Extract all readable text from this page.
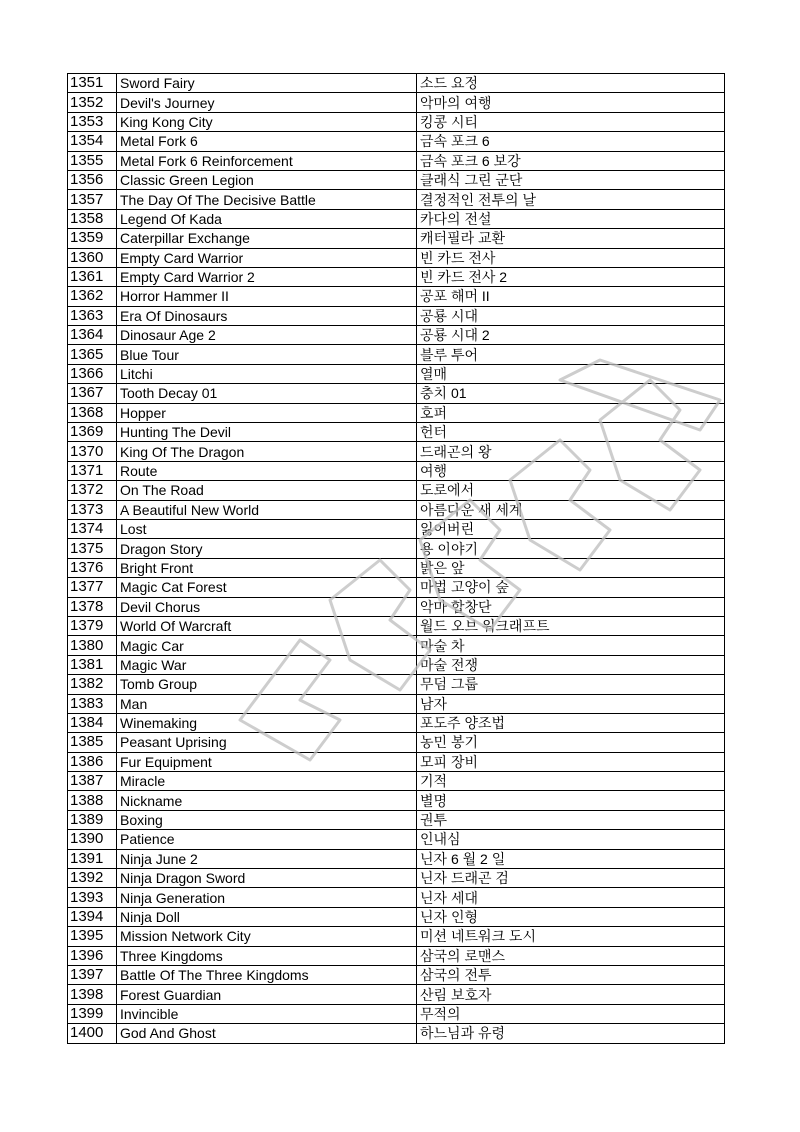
1351	Sword Fairy	소드 요정
1352	Devil's Journey	악마의 여행
1353	King Kong City	킹콩 시티
1354	Metal Fork 6	금속 포크 6
1355	Metal Fork 6 Reinforcement	금속 포크 6 보강
1356	Classic Green Legion	클래식 그린 군단
1357	The Day Of The Decisive Battle	결정적인 전투의 날
1358	Legend Of Kada	카다의 전설
1359	Caterpillar Exchange	캐터필라 교환
1360	Empty Card Warrior	빈 카드 전사
1361	Empty Card Warrior 2	빈 카드 전사 2
1362	Horror Hammer II	공포 해머 II
1363	Era Of Dinosaurs	공룡 시대
1364	Dinosaur Age 2	공룡 시대 2
1365	Blue Tour	블루 투어
1366	Litchi	열매
1367	Tooth Decay 01	충치 01
1368	Hopper	호퍼
1369	Hunting The Devil	헌터
1370	King Of The Dragon	드래곤의 왕
1371	Route	여행
1372	On The Road	도로에서
1373	A Beautiful New World	아름다운 새 세계
1374	Lost	잃어버린
1375	Dragon Story	용 이야기
1376	Bright Front	밝은 앞
1377	Magic Cat Forest	마법 고양이 숲
1378	Devil Chorus	악마 합창단
1379	World Of Warcraft	월드 오브 워크래프트
1380	Magic Car	마술 차
1381	Magic War	마술 전쟁
1382	Tomb Group	무덤 그룹
1383	Man	남자
1384	Winemaking	포도주 양조법
1385	Peasant Uprising	농민 봉기
1386	Fur Equipment	모피 장비
1387	Miracle	기적
1388	Nickname	별명
1389	Boxing	권투
1390	Patience	인내심
1391	Ninja June 2	닌자 6 월 2 일
1392	Ninja Dragon Sword	닌자 드래곤 검
1393	Ninja Generation	닌자 세대
1394	Ninja Doll	닌자 인형
1395	Mission Network City	미션 네트워크 도시
1396	Three Kingdoms	삼국의 로맨스
1397	Battle Of The Three Kingdoms	삼국의 전투
1398	Forest Guardian	산림 보호자
1399	Invincible	무적의
1400	God And Ghost	하느님과 유령
